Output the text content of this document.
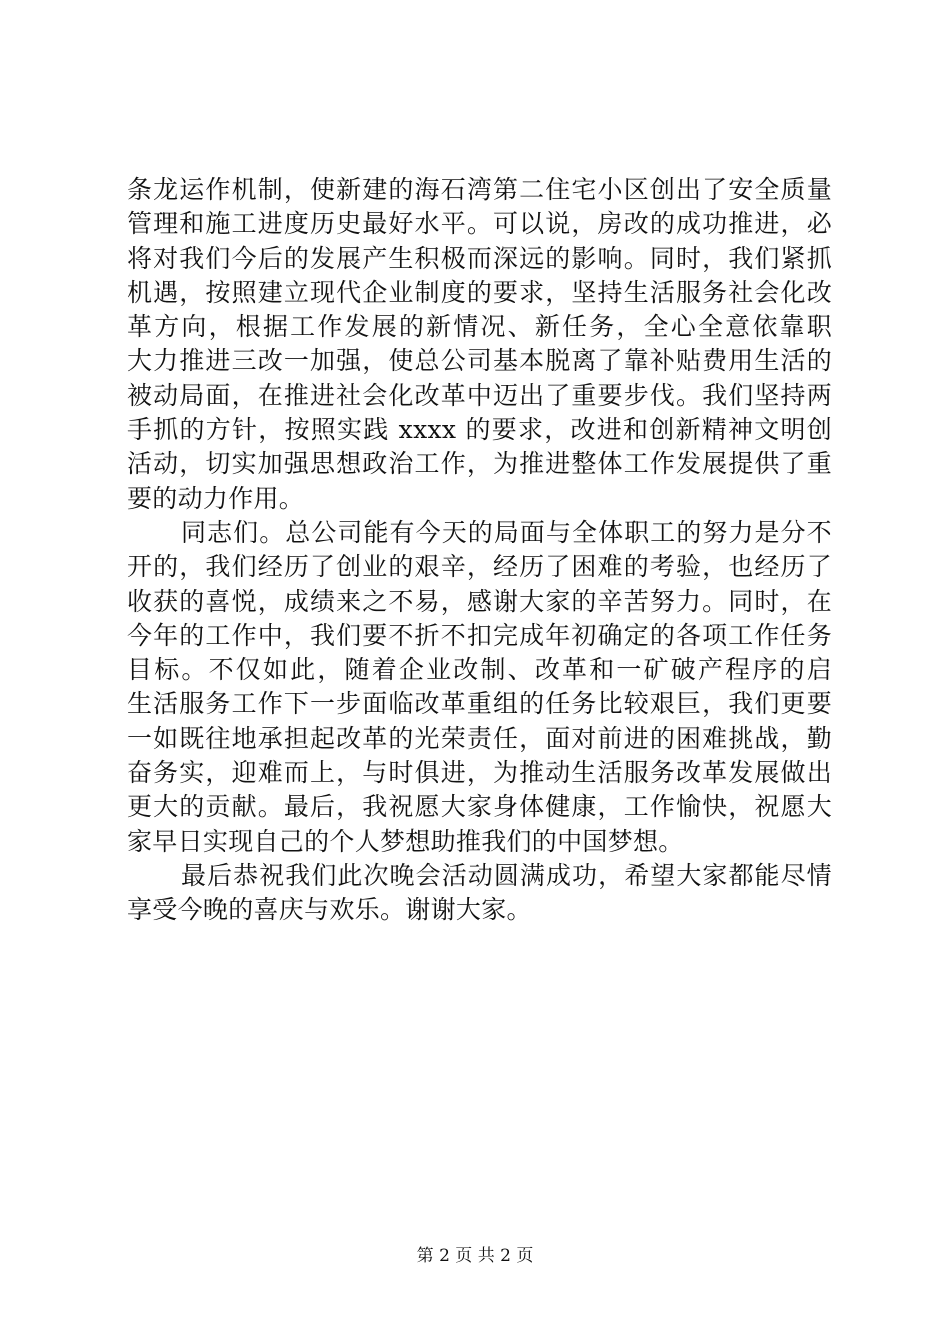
条龙运作机制，使新建的海石湾第二住宅小区创出了安全质量
管理和施工进度历史最好水平。可以说，房改的成功推进，必
将对我们今后的发展产生积极而深远的影响。同时，我们紧抓
机遇，按照建立现代企业制度的要求，坚持生活服务社会化改
革方向，根据工作发展的新情况、新任务，全心全意依靠职
大力推进三改一加强，使总公司基本脱离了靠补贴费用生活的
被动局面，在推进社会化改革中迈出了重要步伐。我们坚持两
手抓的方针，按照实践 xxxx 的要求，改进和创新精神文明创
活动，切实加强思想政治工作，为推进整体工作发展提供了重
要的动力作用。
同志们。总公司能有今天的局面与全体职工的努力是分不
开的，我们经历了创业的艰辛，经历了困难的考验，也经历了
收获的喜悦，成绩来之不易，感谢大家的辛苦努力。同时，在
今年的工作中，我们要不折不扣完成年初确定的各项工作任务
目标。不仅如此，随着企业改制、改革和一矿破产程序的启
生活服务工作下一步面临改革重组的任务比较艰巨，我们更要
一如既往地承担起改革的光荣责任，面对前进的困难挑战，勤
奋务实，迎难而上，与时俱进，为推动生活服务改革发展做出
更大的贡献。最后，我祝愿大家身体健康，工作愉快，祝愿大
家早日实现自己的个人梦想助推我们的中国梦想。
最后恭祝我们此次晚会活动圆满成功，希望大家都能尽情
享受今晚的喜庆与欢乐。谢谢大家。
第 2 页 共 2 页
